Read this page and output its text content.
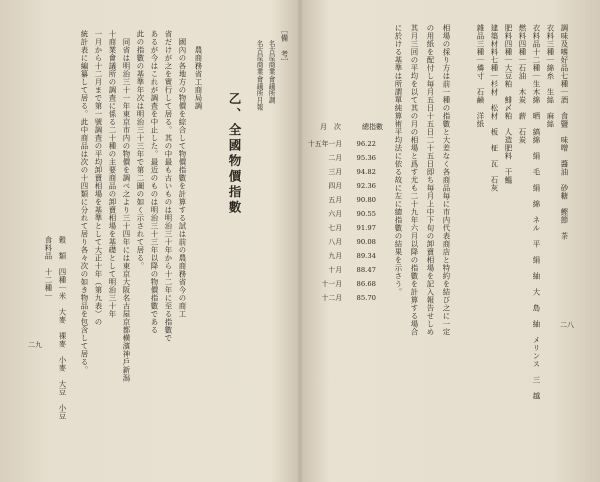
二八
調味及嗜好品七種｜酒　食鹽　味噌　醬油　砂糖　鰹節　茶
衣料三種｜綿糸　生絲　麻絲
衣料品十二種｜生木綿　晒　縞綿　絹　毛　絹　綿　ネル　平　絹　紬　大　島　紬　メリンス　三　越
燃料四種｜石油　木炭　薪　石炭
肥料四種｜大豆粕　鯡〆粕　人造肥料　干鰮
建築材料七種｜杉材　松材　板　柾　瓦　石灰
雜品三種｜燐寸　石鹸　洋紙
相場の採り方は前一種の指數と大差なく各商品毎に市内代表商店と特約を結び之に一定
の用紙を配付し毎月五日十五日二十五日即ち毎月上中下旬の卸賣相場を記入報告せしめ
其月三回の平均を以て其の月の相場と爲す尤も二十九年六月以降の指數を計算する場合
に於ける基準は所謂單純算術平均法に依る故に左に總指數の結果を示さう。
月　次	總指數
十五年一月 96.22
二月 95.36
三月 94.82
四月 92.36
五月 90.80
六月 90.55
七月 91.97
八月 90.08
九月 89.34
十月 88.47
十一月 86.68
十二月 85.70
二九
［備　考］
名古屋商業會議所調
名古屋商業會議所月報
乙、全國物價指數
農商務省工商局調
國內の各地方の物價を綜合して物價指數を計算する試は前の農商務省今の商工
省だけが之を實行して居る。其の中最も古いものは明治三十年から十二年に至る指數で
あるが今はこれが調査を中止した。最近のものは明治三十三年以降の物價指數である
此の指數の基準年次は明治三十三年で第二圖の如く示されて居る。
同省は明治三十一年東京市内の物價を調べ之より三十四年には東京大阪名古屋京都横濱神戶新潟
十商業會議所の調査に係る二十種の主要商品の卸賣相場を基礎として明治三十年
一月から十二月まで第一號調査の平均卸賣相場を基準として大正十年（第九表）の
統計表に編纂して居る。此中商品は次の十四類に分れて居り各々次の如き物品を包含して居る。
穀　類　四種｜米　大麥　裸麥　小麥　大豆　小豆
食料品　十二種｜　　　　　　　　　　　　　　　　　　　　
